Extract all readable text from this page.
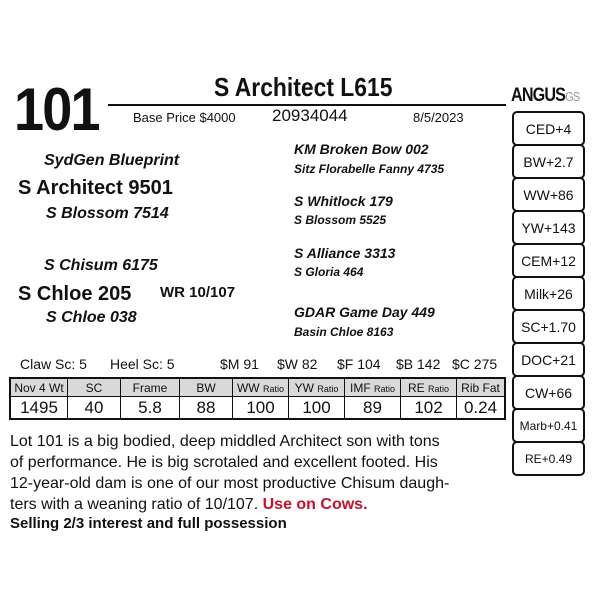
101	S Architect L615
Base Price $4000 20934044	8/5/2023
ANGUSGS
SydGen Blueprint
S Architect 9501
S Blossom 7514
S Chisum 6175
S Chloe 205 WR 10/107
S Chloe 038
KM Broken Bow 002
Sitz Florabelle Fanny 4735
S Whitlock 179
S Blossom 5525
S Alliance 3313
S Gloria 464
GDAR Game Day 449
Basin Chloe 8163
CED+4
BW+2.7
WW+86
YW+143
CEM+12
Milk+26
SC+1.70
DOC+21
CW+66
Marb+0.41
RE+0.49
Claw Sc: 5 Heel Sc: 5	$M 91 $W 82 $F 104 $B 142 $C 275
Nov 4 Wt	SC	Frame	BW	WW Ratio	YW Ratio	IMF Ratio	RE Ratio	Rib Fat
1495	40	5.8	88	100	100	89	102	0.24
Lot 101 is a big bodied, deep middled Architect son with tons
of performance. He is big scrotaled and excellent footed. His
12-year-old dam is one of our most productive Chisum daugh-
ters with a weaning ratio of 10/107. Use on Cows.
Selling 2/3 interest and full possession
